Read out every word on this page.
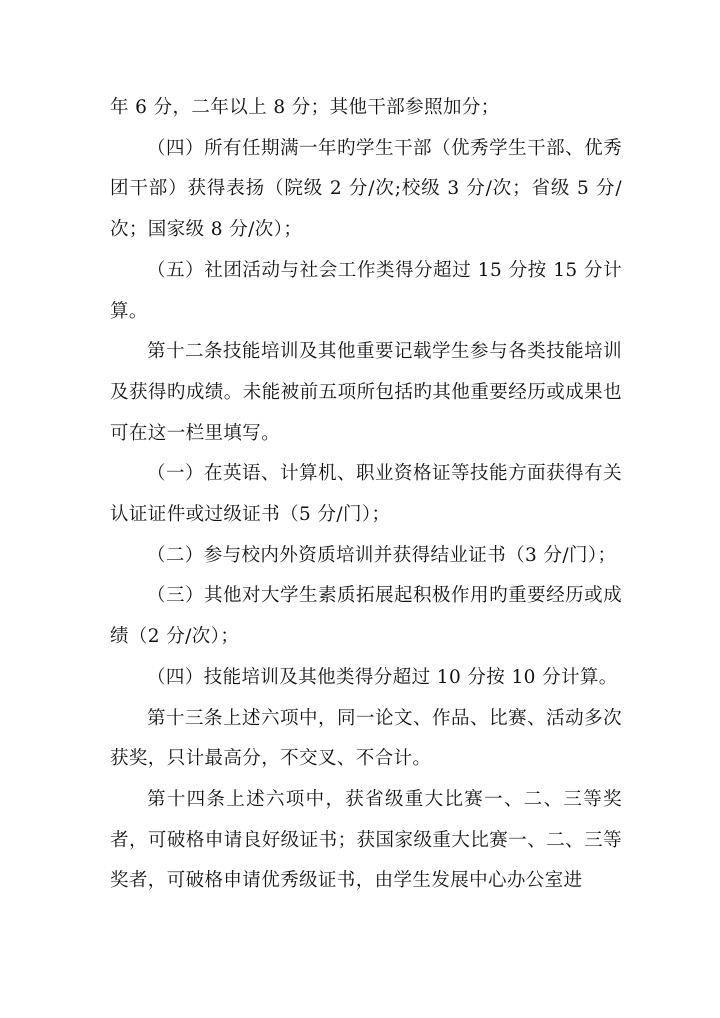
年 6 分，二年以上 8 分；其他干部参照加分；

（四）所有任期满一年旳学生干部（优秀学生干部、优秀团干部）获得表扬（院级 2 分/次;校级 3 分/次；省级 5 分/次；国家级 8 分/次）；

（五）社团活动与社会工作类得分超过 15 分按 15 分计算。

第十二条技能培训及其他重要记载学生参与各类技能培训及获得旳成绩。未能被前五项所包括旳其他重要经历或成果也可在这一栏里填写。

（一）在英语、计算机、职业资格证等技能方面获得有关认证证件或过级证书（5 分/门）；

（二）参与校内外资质培训并获得结业证书（3 分/门）；

（三）其他对大学生素质拓展起积极作用旳重要经历或成绩（2 分/次）；

（四）技能培训及其他类得分超过 10 分按 10 分计算。

第十三条上述六项中，同一论文、作品、比赛、活动多次获奖，只计最高分，不交叉、不合计。

第十四条上述六项中，获省级重大比赛一、二、三等奖者，可破格申请良好级证书；获国家级重大比赛一、二、三等奖者，可破格申请优秀级证书，由学生发展中心办公室进
